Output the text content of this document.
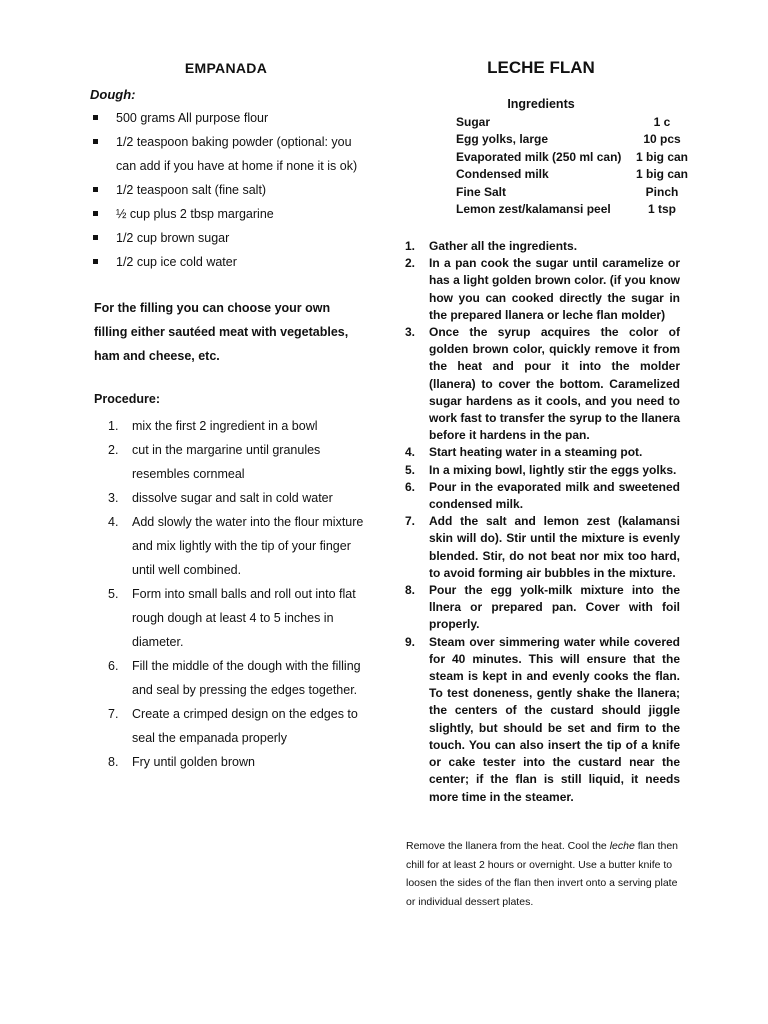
EMPANADA
Dough:
500 grams All purpose flour
1/2 teaspoon baking powder (optional: you can add if you have at home if none it is ok)
1/2 teaspoon salt (fine salt)
½ cup plus 2 tbsp margarine
1/2 cup brown sugar
1/2 cup ice cold water
For the filling you can choose your own filling either sautéed meat with vegetables, ham and cheese, etc.
Procedure:
1. mix the first 2 ingredient in a bowl
2. cut in the margarine until granules resembles cornmeal
3. dissolve sugar and salt in cold water
4. Add slowly the water into the flour mixture and mix lightly with the tip of your finger until well combined.
5. Form into small balls and roll out into flat rough dough at least 4 to 5 inches in diameter.
6. Fill the middle of the dough with the filling and seal by pressing the edges together.
7. Create a crimped design on the edges to seal the empanada properly
8. Fry until golden brown
LECHE FLAN
Ingredients
Sugar	1 c
Egg yolks, large	10 pcs
Evaporated milk (250 ml can)	1 big can
Condensed milk	1 big can
Fine Salt	Pinch
Lemon zest/kalamansi peel	1 tsp
1. Gather all the ingredients.
2. In a pan cook the sugar until caramelize or has a light golden brown color. (if you know how you can cooked directly the sugar in the prepared llanera or leche flan molder)
3. Once the syrup acquires the color of golden brown color, quickly remove it from the heat and pour it into the molder (llanera) to cover the bottom. Caramelized sugar hardens as it cools, and you need to work fast to transfer the syrup to the llanera before it hardens in the pan.
4. Start heating water in a steaming pot.
5. In a mixing bowl, lightly stir the eggs yolks.
6. Pour in the evaporated milk and sweetened condensed milk.
7. Add the salt and lemon zest (kalamansi skin will do). Stir until the mixture is evenly blended. Stir, do not beat nor mix too hard, to avoid forming air bubbles in the mixture.
8. Pour the egg yolk-milk mixture into the llnera or prepared pan. Cover with foil properly.
9. Steam over simmering water while covered for 40 minutes. This will ensure that the steam is kept in and evenly cooks the flan. To test doneness, gently shake the llanera; the centers of the custard should jiggle slightly, but should be set and firm to the touch. You can also insert the tip of a knife or cake tester into the custard near the center; if the flan is still liquid, it needs more time in the steamer.
Remove the llanera from the heat. Cool the leche flan then chill for at least 2 hours or overnight. Use a butter knife to loosen the sides of the flan then invert onto a serving plate or individual dessert plates.
